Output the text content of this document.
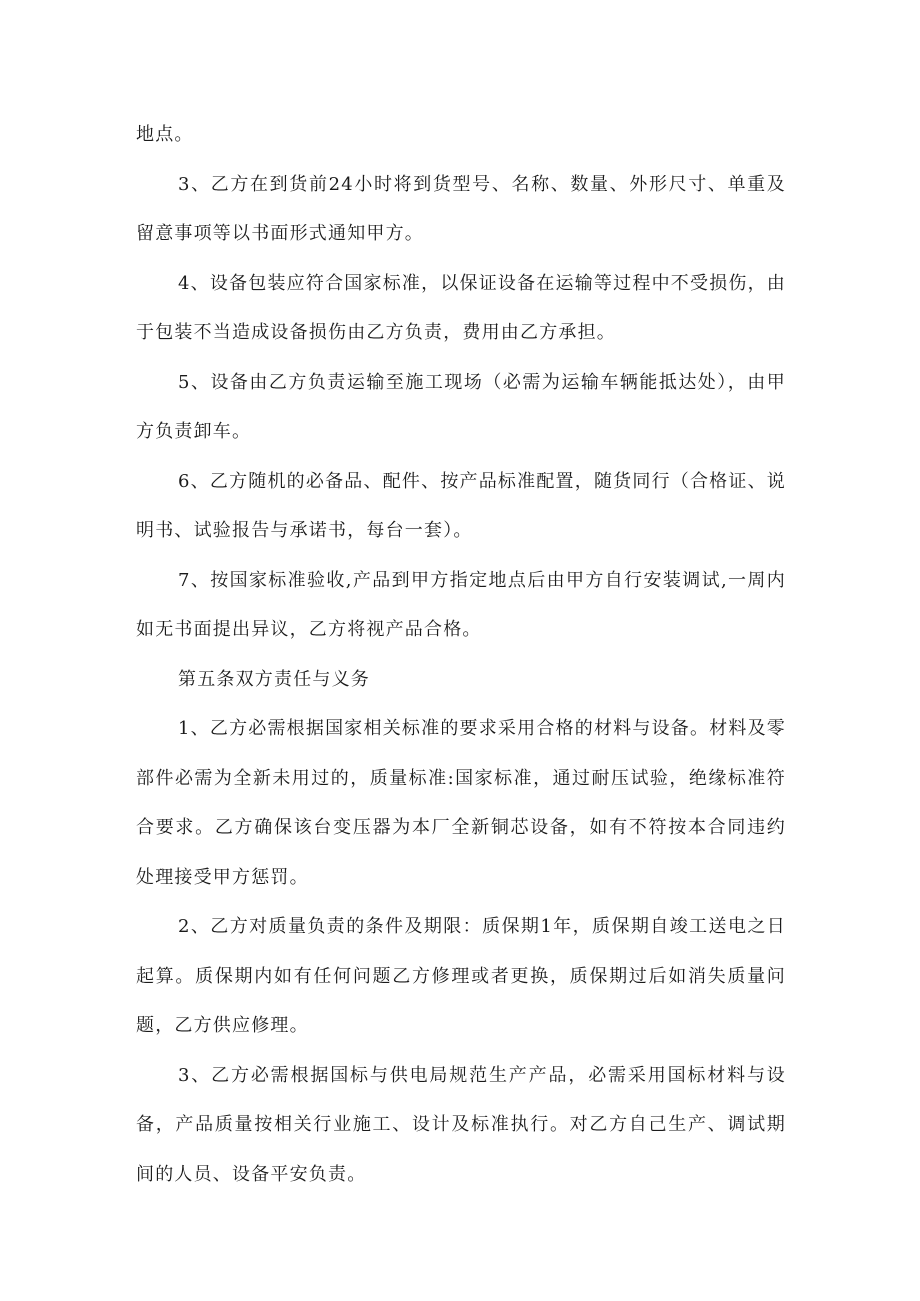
地点。

3、乙方在到货前24小时将到货型号、名称、数量、外形尺寸、单重及留意事项等以书面形式通知甲方。

4、设备包装应符合国家标准，以保证设备在运输等过程中不受损伤，由于包装不当造成设备损伤由乙方负责，费用由乙方承担。

5、设备由乙方负责运输至施工现场（必需为运输车辆能抵达处），由甲方负责卸车。

6、乙方随机的必备品、配件、按产品标准配置，随货同行（合格证、说明书、试验报告与承诺书，每台一套）。

7、按国家标准验收,产品到甲方指定地点后由甲方自行安装调试,一周内如无书面提出异议，乙方将视产品合格。

第五条双方责任与义务

1、乙方必需根据国家相关标准的要求采用合格的材料与设备。材料及零部件必需为全新未用过的，质量标准:国家标准，通过耐压试验，绝缘标准符合要求。乙方确保该台变压器为本厂全新铜芯设备，如有不符按本合同违约处理接受甲方惩罚。

2、乙方对质量负责的条件及期限：质保期1年，质保期自竣工送电之日起算。质保期内如有任何问题乙方修理或者更换，质保期过后如消失质量问题，乙方供应修理。

3、乙方必需根据国标与供电局规范生产产品，必需采用国标材料与设备，产品质量按相关行业施工、设计及标准执行。对乙方自己生产、调试期间的人员、设备平安负责。
